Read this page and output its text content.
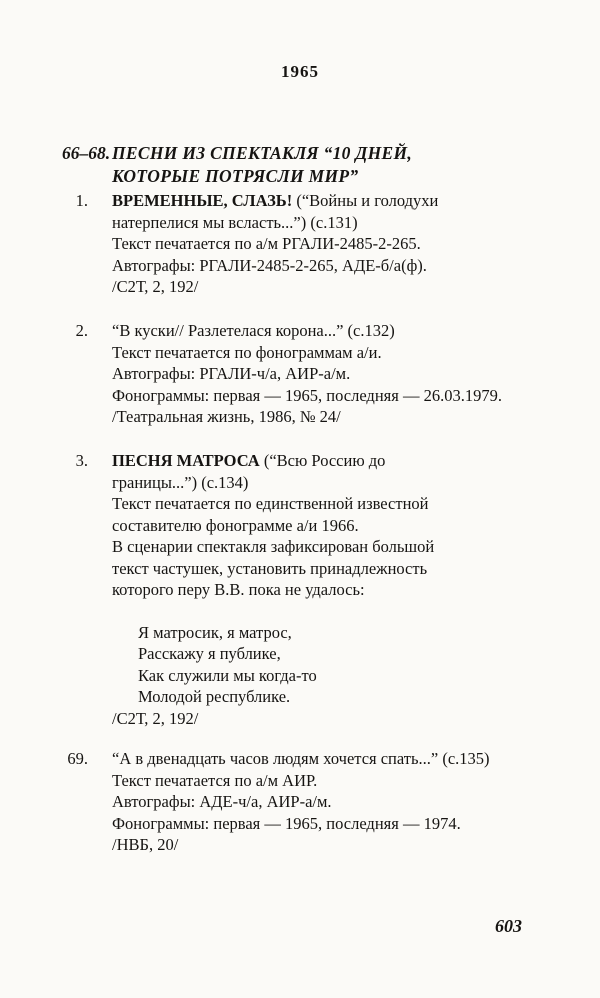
1965
66–68. ПЕСНИ ИЗ СПЕКТАКЛЯ “10 ДНЕЙ, КОТОРЫЕ ПОТРЯСЛИ МИР”
1. ВРЕМЕННЫЕ, СЛАЗЬ! (“Войны и голодухи
натерпелися мы всласть...”) (с.131)
Текст печатается по а/м РГАЛИ-2485-2-265.
Автографы: РГАЛИ-2485-2-265, АДЕ-б/а(ф).
/С2Т, 2, 192/
2. “В куски// Разлетелася корона...” (с.132)
Текст печатается по фонограммам а/и.
Автографы: РГАЛИ-ч/а, АИР-а/м.
Фонограммы: первая — 1965, последняя — 26.03.1979.
/Театральная жизнь, 1986, № 24/
3. ПЕСНЯ МАТРОСА (“Всю Россию до
границы...”) (с.134)
Текст печатается по единственной известной
составителю фонограмме а/и 1966.
В сценарии спектакля зафиксирован большой
текст частушек, установить принадлежность
которого перу В.В. пока не удалось:
Я матросик, я матрос,
Расскажу я публике,
Как служили мы когда-то
Молодой республике.
/С2Т, 2, 192/
69. “А в двенадцать часов людям хочется спать...” (с.135)
Текст печатается по а/м АИР.
Автографы: АДЕ-ч/а, АИР-а/м.
Фонограммы: первая — 1965, последняя — 1974.
/НВБ, 20/
603
